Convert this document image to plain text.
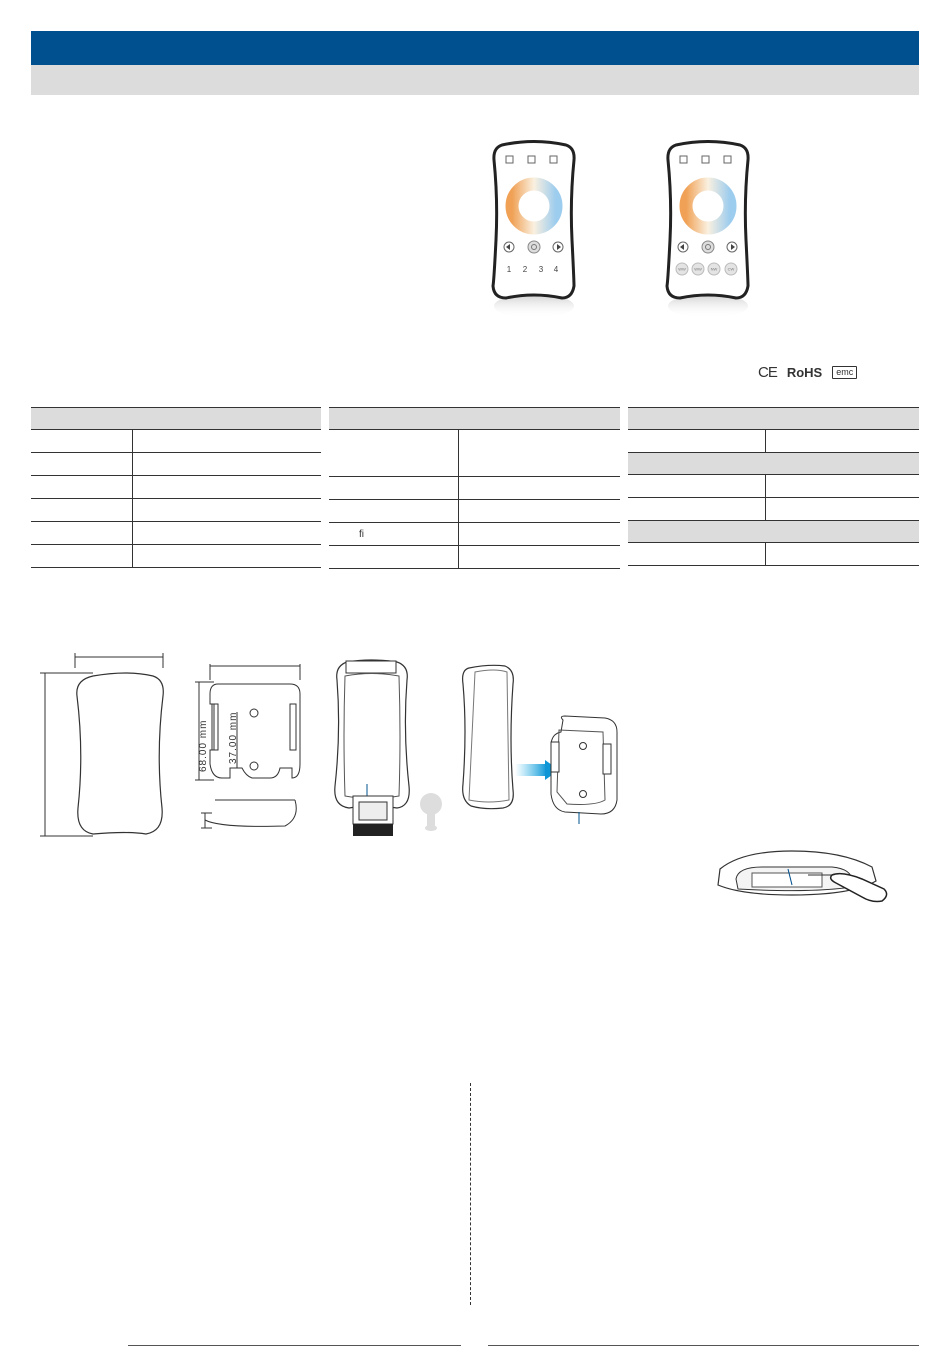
1 2 3 4	WW WW NW	CW
CE RoHS	emc

fi	

68.00 mm 37.00 mm
